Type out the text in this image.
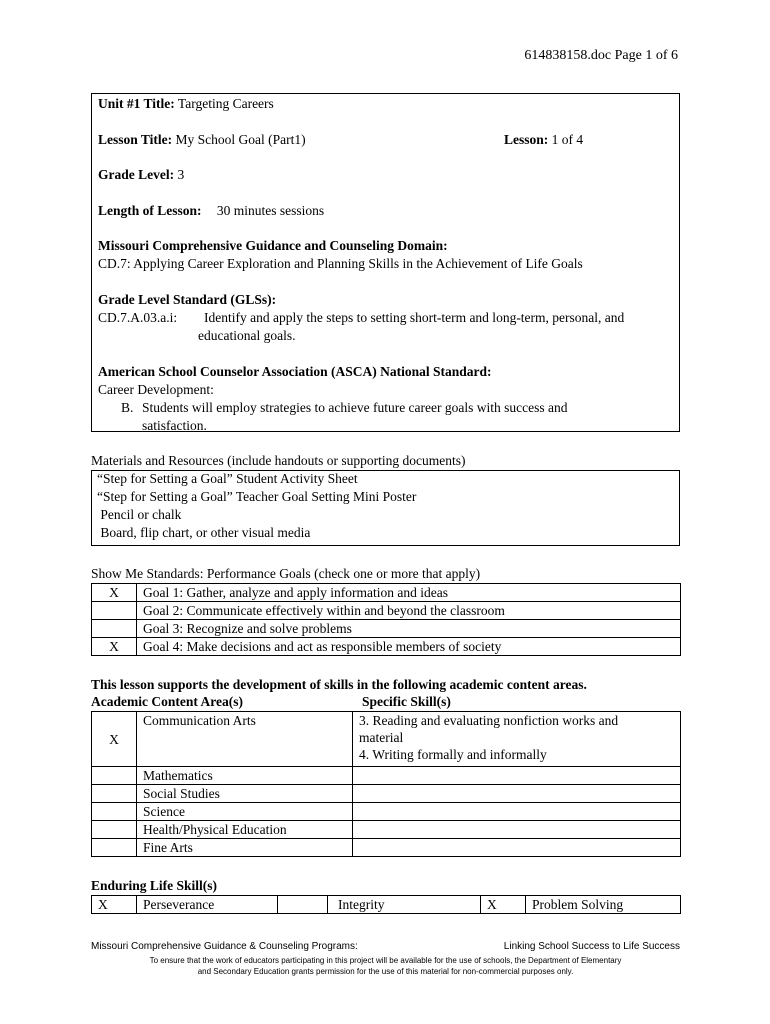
614838158.doc Page 1 of 6
Unit #1 Title: Targeting Careers
Lesson Title: My School Goal (Part1)	Lesson: 1 of 4
Grade Level: 3
Length of Lesson: 30 minutes sessions
Missouri Comprehensive Guidance and Counseling Domain:
CD.7: Applying Career Exploration and Planning Skills in the Achievement of Life Goals
Grade Level Standard (GLSs):
CD.7.A.03.a.i: Identify and apply the steps to setting short-term and long-term, personal, and
educational goals.
American School Counselor Association (ASCA) National Standard:
Career Development:
B. Students will employ strategies to achieve future career goals with success and
satisfaction.
Materials and Resources (include handouts or supporting documents)
“Step for Setting a Goal” Student Activity Sheet
“Step for Setting a Goal” Teacher Goal Setting Mini Poster
Pencil or chalk
Board, flip chart, or other visual media
Show Me Standards: Performance Goals (check one or more that apply)
X	Goal 1: Gather, analyze and apply information and ideas
	Goal 2: Communicate effectively within and beyond the classroom
	Goal 3: Recognize and solve problems
X	Goal 4: Make decisions and act as responsible members of society
This lesson supports the development of skills in the following academic content areas.
Academic Content Area(s)	Specific Skill(s)
X	Communication Arts	3. Reading and evaluating nonfiction works and
material
4. Writing formally and informally

	Mathematics	
	Social Studies	
	Science	
	Health/Physical Education	
	Fine Arts	
Enduring Life Skill(s)
X	Perseverance		Integrity	X	Problem Solving
Missouri Comprehensive Guidance & Counseling Programs:	Linking School Success to Life Success
To ensure that the work of educators participating in this project will be available for the use of schools, the Department of Elementary
and Secondary Education grants permission for the use of this material for non-commercial purposes only.
